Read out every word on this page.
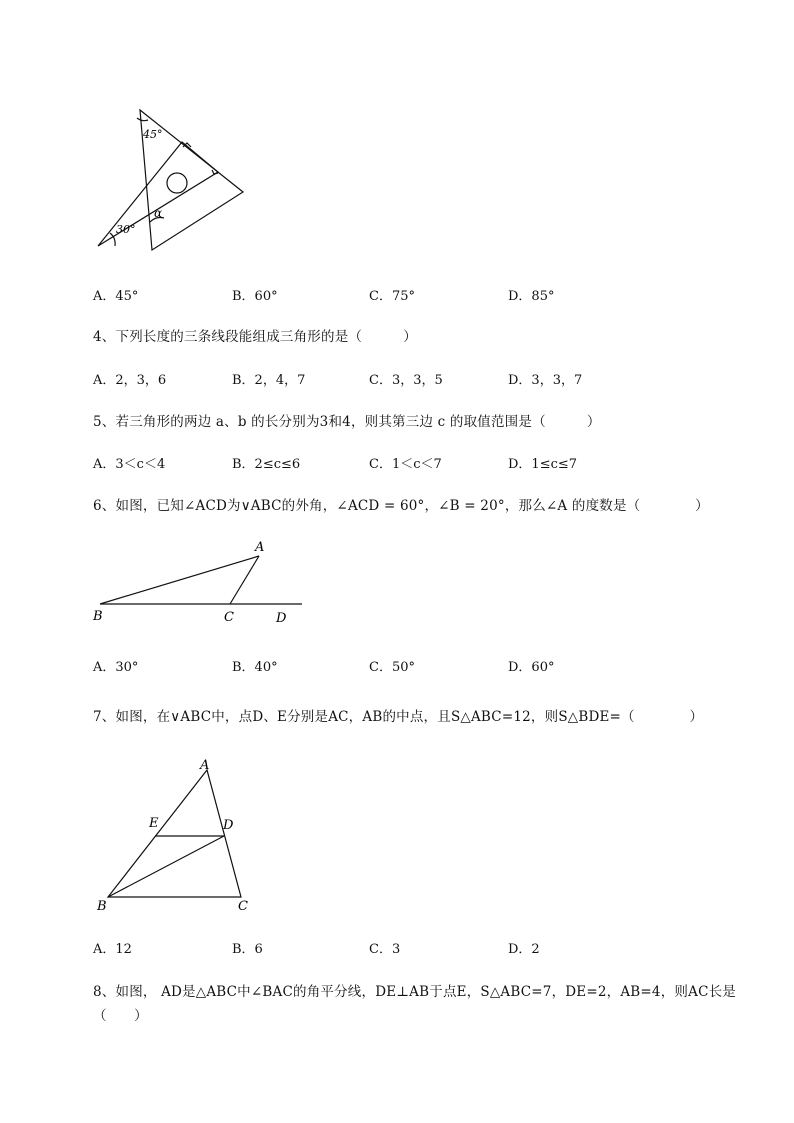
45°
30°
α
A．45°	B．60°	C．75°	D．85°
4、下列长度的三条线段能组成三角形的是（　　　）
A．2，3，6	B．2，4，7	C．3，3，5	D．3，3，7
5、若三角形的两边 a、b 的长分别为3和4，则其第三边 c 的取值范围是（　　　）
A．3＜c＜4	B．2≤c≤6	C．1＜c＜7	D．1≤c≤7
6、如图，已知∠ACD为∨ABC的外角，∠ACD = 60°，∠B = 20°，那么∠A 的度数是（　　　　）
A
B	C	D
A．30°	B．40°	C．50°	D．60°
7、如图，在∨ABC中，点D、E分别是AC，AB的中点，且S△ABC=12，则S△BDE=（　　　　）
A
B	C
D
E
A．12	B．6	C．3	D．2
8、如图， AD是△ABC中∠BAC的角平分线，DE⊥AB于点E，S△ABC=7，DE=2，AB=4，则AC长是
（　　）
